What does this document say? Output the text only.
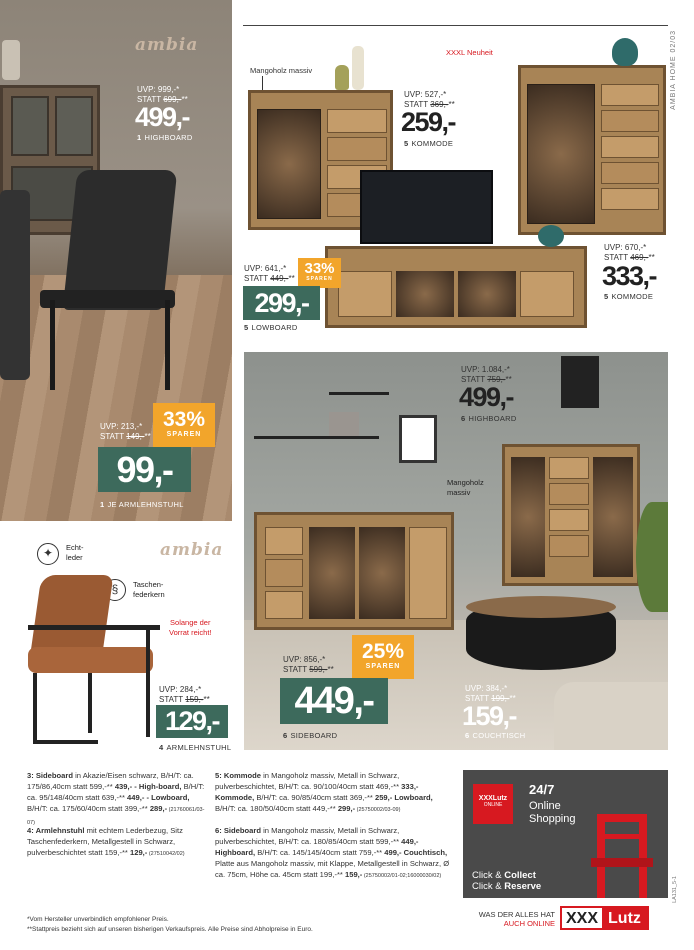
ambia
UVP: 999,-*
STATT 699,-**
499,-
1 HIGHBOARD
UVP: 213,-*
STATT 149,-**
33%
SPAREN
99,-
1 JE ARMLEHNSTUHL
AMBIA HOME 02/03
Mangoholz massiv
XXXL Neuheit
UVP: 527,-*
STATT 369,-**
259,-
5 KOMMODE
UVP: 670,-*
STATT 469,-**
333,-
5 KOMMODE
UVP: 641,-*
STATT 449,-**
33%
SPAREN
299,-
5 LOWBOARD
Mangoholz
massiv
UVP: 1.084,-*
STATT 759,-**
499,-
6 HIGHBOARD
UVP: 856,-*
STATT 599,-**
25%
SPAREN
449,-
6 SIDEBOARD
UVP: 384,-*
STATT 199,-**
159,-
6 COUCHTISCH
✦	Echt-
leder
§	Taschen-
federkern
Solange der
Vorrat reicht!
ambia
UVP: 284,-*
STATT 159,-**
129,-
4 ARMLEHNSTUHL
3: Sideboard in Akazie/Eisen schwarz, B/H/T: ca. 175/86,40cm statt 599,-** 439,- - High-board, B/H/T: ca. 95/148/40cm statt 639,-** 449,- - Lowboard, B/H/T: ca. 175/60/40cm statt 399,-** 289,- (21760061/03-07)
4: Armlehnstuhl mit echtem Lederbezug, Sitz Taschenfederkern, Metallgestell in Schwarz, pulverbeschichtet statt 159,-** 129,- (27510042/02)
5: Kommode in Mangoholz massiv, Metall in Schwarz, pulverbeschichtet, B/H/T: ca. 90/100/40cm statt 469,-** 333,- Kommode, B/H/T: ca. 90/85/40cm statt 369,-** 259,- Lowboard, B/H/T: ca. 180/50/40cm statt 449,-** 299,- (25750002/03-09)
6: Sideboard in Mangoholz massiv, Metall in Schwarz, pulverbeschichtet, B/H/T: ca. 180/85/40cm statt 599,-** 449,- Highboard, B/H/T: ca. 145/145/40cm statt 759,-** 499,- Couchtisch, Platte aus Mangoholz massiv, mit Klappe, Metallgestell in Schwarz, Ø ca. 75cm, Höhe ca. 45cm statt 199,-** 159,- (25750002/01-02;16000030/02)
*Vom Hersteller unverbindlich empfohlener Preis.
**Stattpreis bezieht sich auf unseren bisherigen Verkaufspreis. Alle Preise sind Abholpreise in Euro.
XXXLutz
ONLINE
24/7
Online
Shopping
Click & Collect
Click & Reserve	LA131_5-1
WAS DER ALLES HAT
AUCH ONLINE XXX Lutz
